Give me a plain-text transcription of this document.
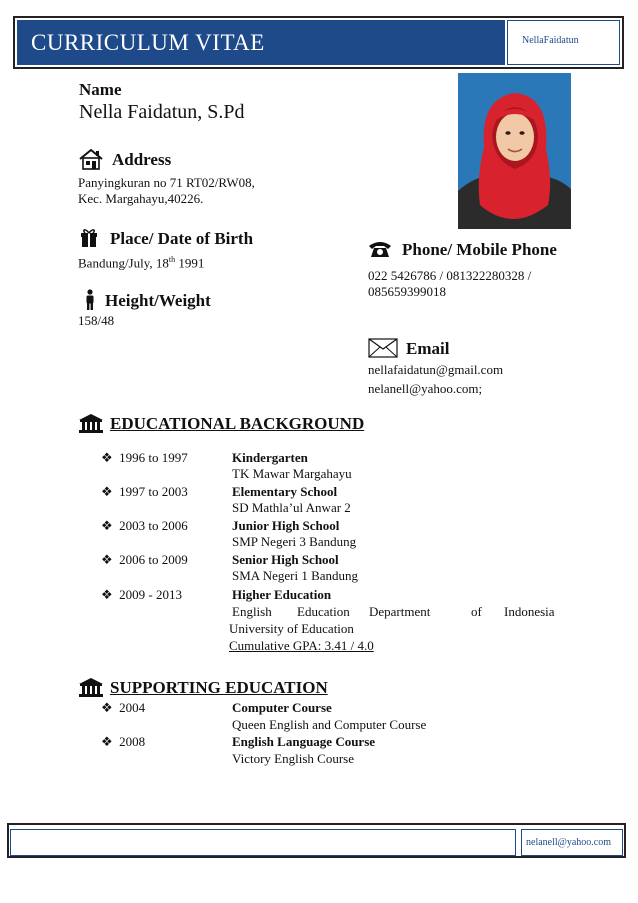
CURRICULUM VITAE	NellaFaidatun
Name
Nella Faidatun, S.Pd
Address
Panyingkuran no 71 RT02/RW08,
Kec. Margahayu,40226.
Place/ Date of Birth
Bandung/July, 18th 1991
Height/Weight
158/48
Phone/ Mobile Phone
022 5426786 / 081322280328 /
085659399018
Email
nellafaidatun@gmail.com
nelanell@yahoo.com;
EDUCATIONAL BACKGROUND
❖ 1996 to 1997	Kindergarten
TK Mawar Margahayu
❖ 1997 to 2003	Elementary School
SD Mathla’ul Anwar 2
❖ 2003 to 2006	Junior High School
SMP Negeri 3 Bandung
❖ 2006 to 2009	Senior High School
SMA Negeri 1 Bandung
❖ 2009 - 2013	Higher Education
English Education Department	of Indonesia
University of Education
Cumulative GPA: 3.41 / 4.0
SUPPORTING EDUCATION
❖ 2004	Computer Course
Queen English and Computer Course
❖ 2008	English Language Course
Victory English Course
nelanell@yahoo.com
